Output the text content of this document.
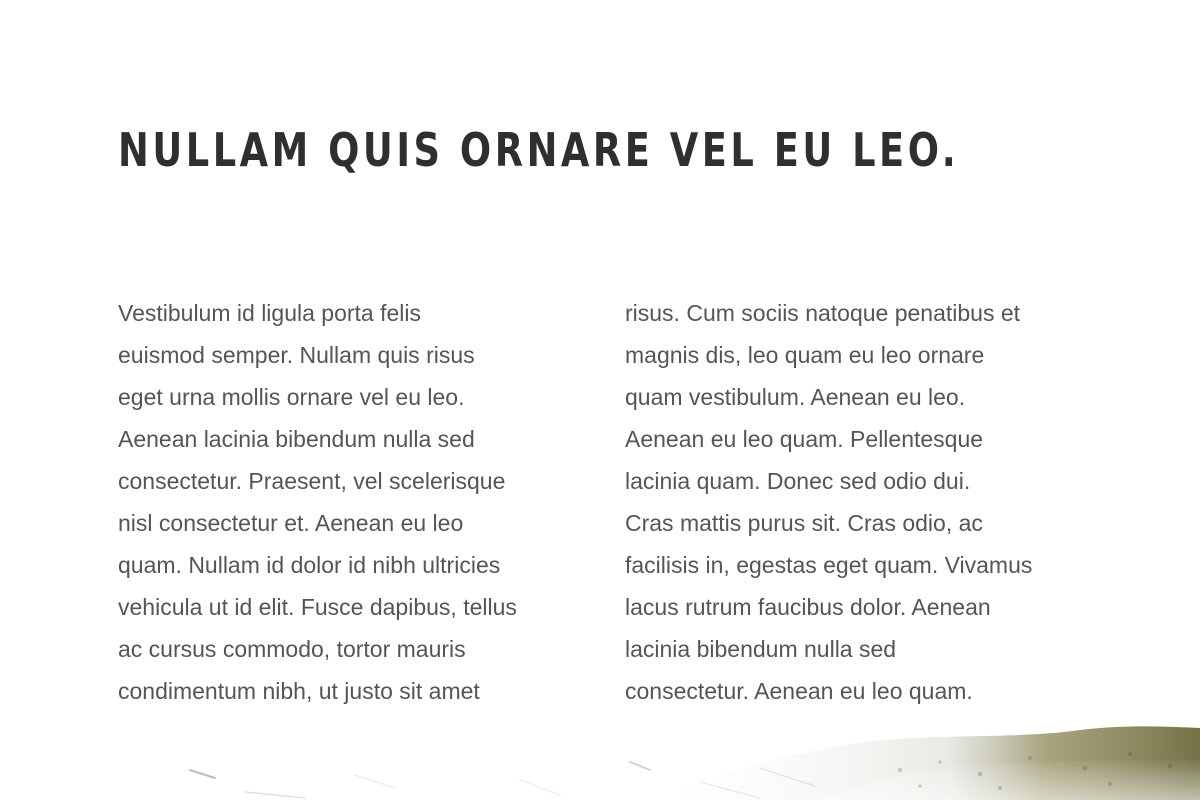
NULLAM QUIS ORNARE VEL EU LEO.

Vestibulum id ligula porta felis
euismod semper. Nullam quis risus
eget urna mollis ornare vel eu leo.
Aenean lacinia bibendum nulla sed
consectetur. Praesent, vel scelerisque
nisl consectetur et. Aenean eu leo
quam. Nullam id dolor id nibh ultricies
vehicula ut id elit. Fusce dapibus, tellus
ac cursus commodo, tortor mauris
condimentum nibh, ut justo sit amet

risus. Cum sociis natoque penatibus et
magnis dis, leo quam eu leo ornare
quam vestibulum. Aenean eu leo.
Aenean eu leo quam. Pellentesque
lacinia quam. Donec sed odio dui.
Cras mattis purus sit. Cras odio, ac
facilisis in, egestas eget quam. Vivamus
lacus rutrum faucibus dolor. Aenean
lacinia bibendum nulla sed
consectetur. Aenean eu leo quam.
